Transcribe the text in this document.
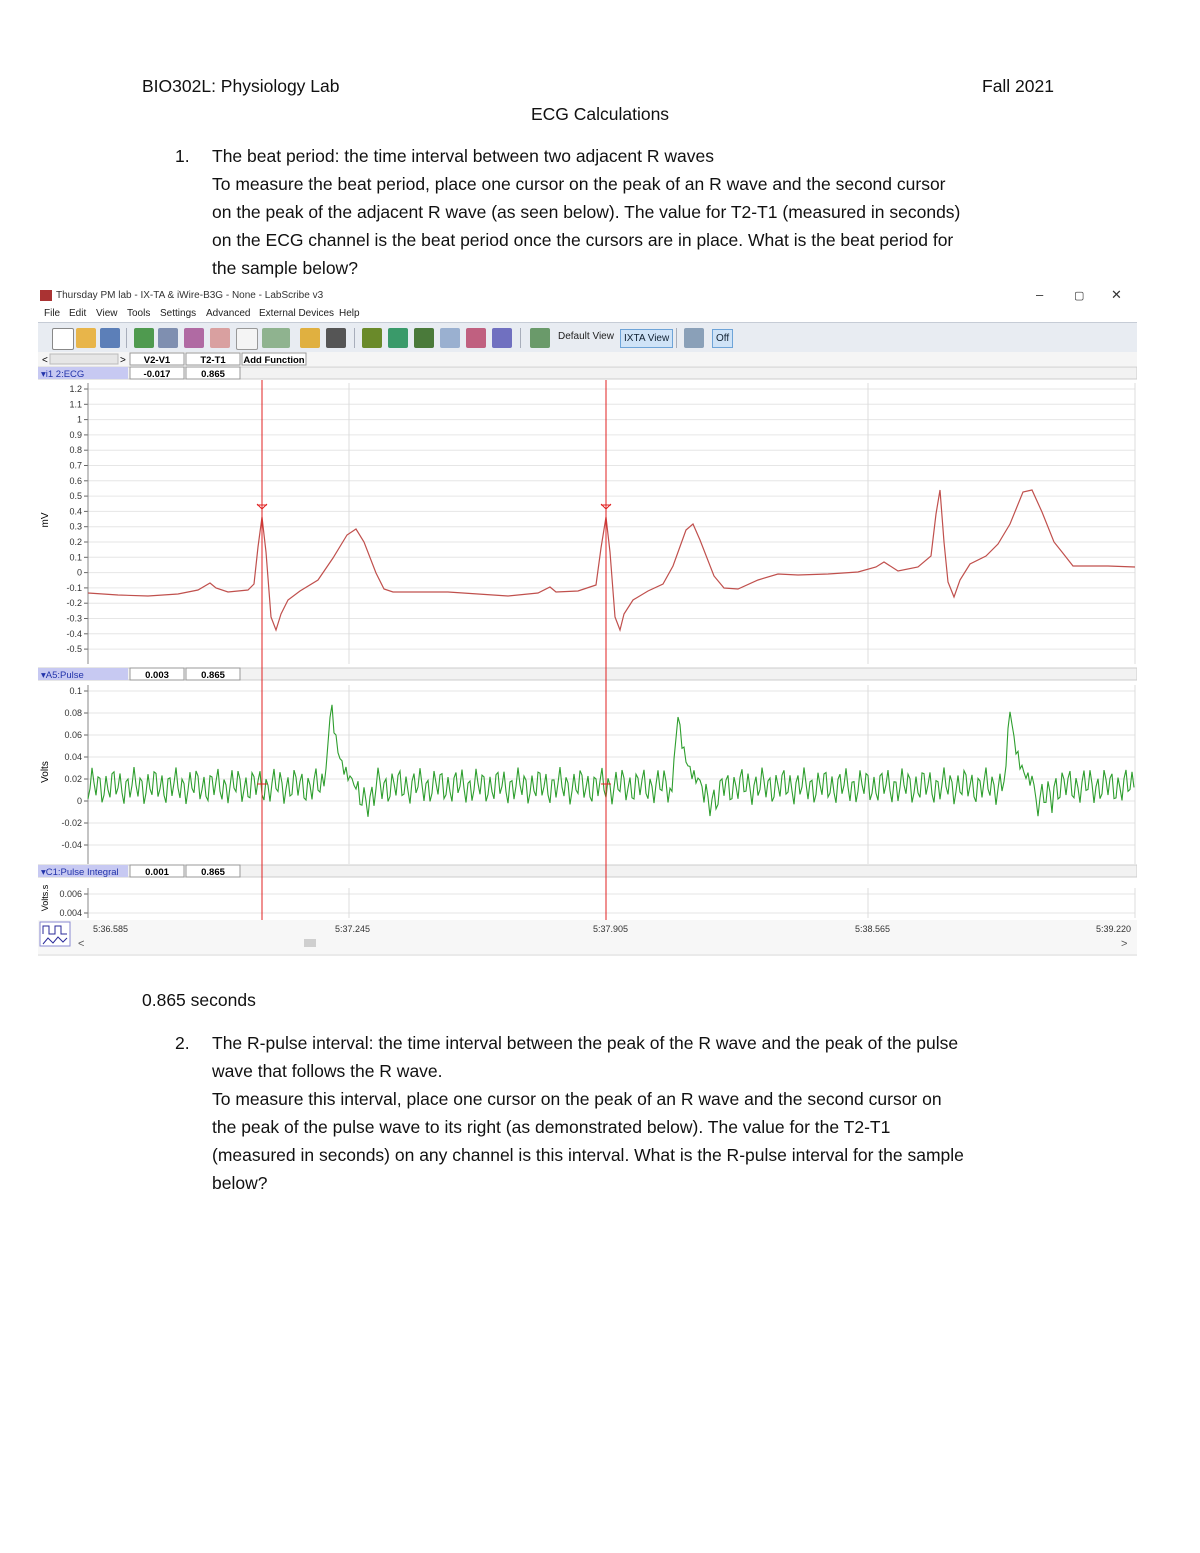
BIO302L: Physiology Lab	Fall 2021
ECG Calculations
1. The beat period: the time interval between two adjacent R waves
To measure the beat period, place one cursor on the peak of an R wave and the second cursor
on the peak of the adjacent R wave (as seen below). The value for T2-T1 (measured in seconds)
on the ECG channel is the beat period once the cursors are in place. What is the beat period for
the sample below?
Thursday PM lab - IX-TA & iWire-B3G - None - LabScribe v3	–	▢ ✕
File Edit View Tools Settings Advanced External Devices Help
Default View	IXTA View	Off
<	> V2-V1	T2-T1 Add Function
▾i1 2:ECG	-0.017	0.865
1.2
1.1
1
0.9
0.8
0.7
0.6
0.5
0.4
0.3
0.2
0.1
0
-0.1
-0.2
-0.3
-0.4
-0.5
mV
▾A5:Pulse	0.003	0.865
0.1
0.08
0.06
0.04
0.02
0
-0.02
-0.04
Volts
▾C1:Pulse Integral	0.001	0.865
0.006
0.004
Volts.s
5:36.585	5:37.245	5:37.905	5:38.565	5:39.220
<	>
0.865 seconds
2. The R-pulse interval: the time interval between the peak of the R wave and the peak of the pulse
wave that follows the R wave.
To measure this interval, place one cursor on the peak of an R wave and the second cursor on
the peak of the pulse wave to its right (as demonstrated below). The value for the T2-T1
(measured in seconds) on any channel is this interval. What is the R-pulse interval for the sample
below?
